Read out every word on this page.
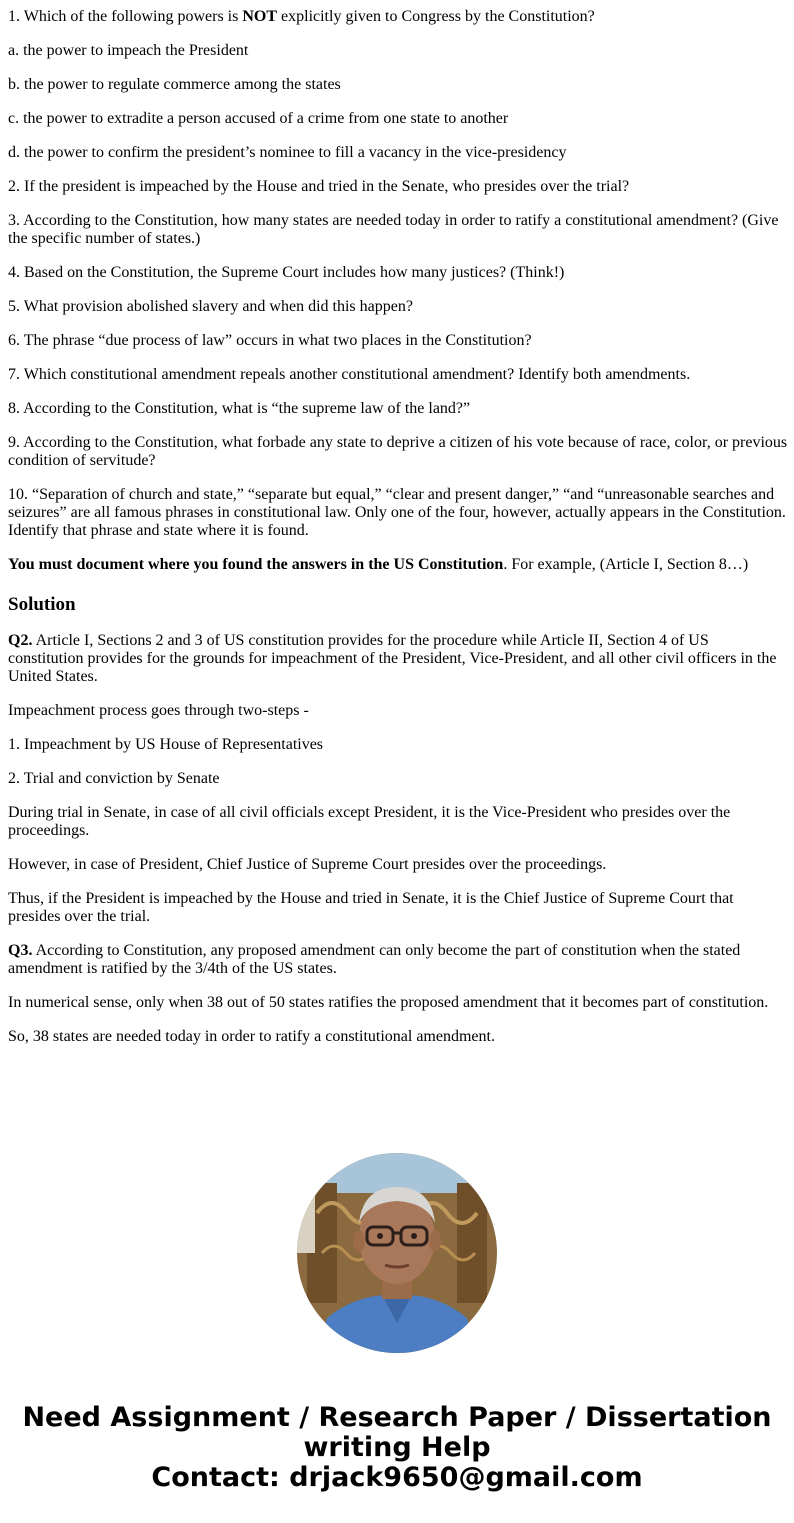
1. Which of the following powers is NOT explicitly given to Congress by the Constitution?

a. the power to impeach the President

b. the power to regulate commerce among the states

c. the power to extradite a person accused of a crime from one state to another

d. the power to confirm the president’s nominee to fill a vacancy in the vice-presidency

2. If the president is impeached by the House and tried in the Senate, who presides over the trial?

3. According to the Constitution, how many states are needed today in order to ratify a constitutional amendment? (Give the specific number of states.)

4. Based on the Constitution, the Supreme Court includes how many justices? (Think!)

5. What provision abolished slavery and when did this happen?

6. The phrase “due process of law” occurs in what two places in the Constitution?

7. Which constitutional amendment repeals another constitutional amendment? Identify both amendments.

8. According to the Constitution, what is “the supreme law of the land?”

9. According to the Constitution, what forbade any state to deprive a citizen of his vote because of race, color, or previous condition of servitude?

10. “Separation of church and state,” “separate but equal,” “clear and present danger,” “and “unreasonable searches and seizures” are all famous phrases in constitutional law. Only one of the four, however, actually appears in the Constitution. Identify that phrase and state where it is found.

You must document where you found the answers in the US Constitution. For example, (Article I, Section 8…)

Solution

Q2. Article I, Sections 2 and 3 of US constitution provides for the procedure while Article II, Section 4 of US constitution provides for the grounds for impeachment of the President, Vice-President, and all other civil officers in the United States.

Impeachment process goes through two-steps -

1. Impeachment by US House of Representatives

2. Trial and conviction by Senate

During trial in Senate, in case of all civil officials except President, it is the Vice-President who presides over the proceedings.

However, in case of President, Chief Justice of Supreme Court presides over the proceedings.

Thus, if the President is impeached by the House and tried in Senate, it is the Chief Justice of Supreme Court that presides over the trial.

Q3. According to Constitution, any proposed amendment can only become the part of constitution when the stated amendment is ratified by the 3/4th of the US states.

In numerical sense, only when 38 out of 50 states ratifies the proposed amendment that it becomes part of constitution.

So, 38 states are needed today in order to ratify a constitutional amendment.

Need Assignment / Research Paper / Dissertation
writing Help
Contact: drjack9650@gmail.com
